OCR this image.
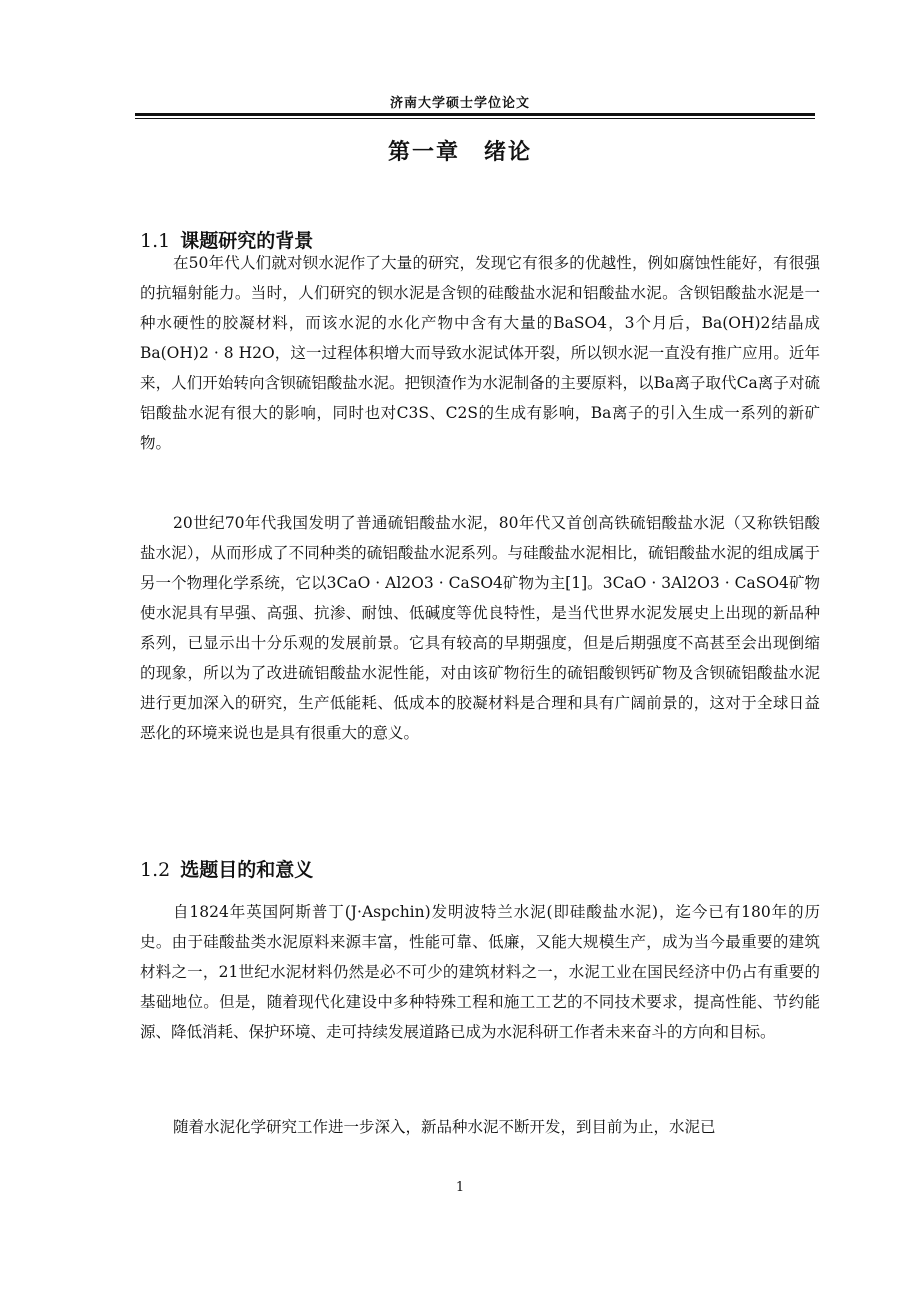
济南大学硕士学位论文
第一章 绪论
1.1 课题研究的背景

在50年代人们就对钡水泥作了大量的研究，发现它有很多的优越性，例如腐蚀性能好，有很强的抗辐射能力。当时，人们研究的钡水泥是含钡的硅酸盐水泥和铝酸盐水泥。含钡铝酸盐水泥是一种水硬性的胶凝材料，而该水泥的水化产物中含有大量的BaSO4，3个月后，Ba(OH)2结晶成Ba(OH)2 · 8 H2O，这一过程体积增大而导致水泥试体开裂，所以钡水泥一直没有推广应用。近年来，人们开始转向含钡硫铝酸盐水泥。把钡渣作为水泥制备的主要原料，以Ba离子取代Ca离子对硫铝酸盐水泥有很大的影响，同时也对C3S、C2S的生成有影响，Ba离子的引入生成一系列的新矿物。

20世纪70年代我国发明了普通硫铝酸盐水泥，80年代又首创高铁硫铝酸盐水泥（又称铁铝酸盐水泥），从而形成了不同种类的硫铝酸盐水泥系列。与硅酸盐水泥相比，硫铝酸盐水泥的组成属于另一个物理化学系统，它以3CaO · Al2O3 · CaSO4矿物为主[1]。3CaO · 3Al2O3 · CaSO4矿物使水泥具有早强、高强、抗渗、耐蚀、低碱度等优良特性，是当代世界水泥发展史上出现的新品种系列，已显示出十分乐观的发展前景。它具有较高的早期强度，但是后期强度不高甚至会出现倒缩的现象，所以为了改进硫铝酸盐水泥性能，对由该矿物衍生的硫铝酸钡钙矿物及含钡硫铝酸盐水泥进行更加深入的研究，生产低能耗、低成本的胶凝材料是合理和具有广阔前景的，这对于全球日益恶化的环境来说也是具有很重大的意义。

1.2 选题目的和意义

自1824年英国阿斯普丁(J·Aspchin)发明波特兰水泥(即硅酸盐水泥)，迄今已有180年的历史。由于硅酸盐类水泥原料来源丰富，性能可靠、低廉，又能大规模生产，成为当今最重要的建筑材料之一，21世纪水泥材料仍然是必不可少的建筑材料之一，水泥工业在国民经济中仍占有重要的基础地位。但是，随着现代化建设中多种特殊工程和施工工艺的不同技术要求，提高性能、节约能源、降低消耗、保护环境、走可持续发展道路已成为水泥科研工作者未来奋斗的方向和目标。

随着水泥化学研究工作进一步深入，新品种水泥不断开发，到目前为止，水泥已

1
